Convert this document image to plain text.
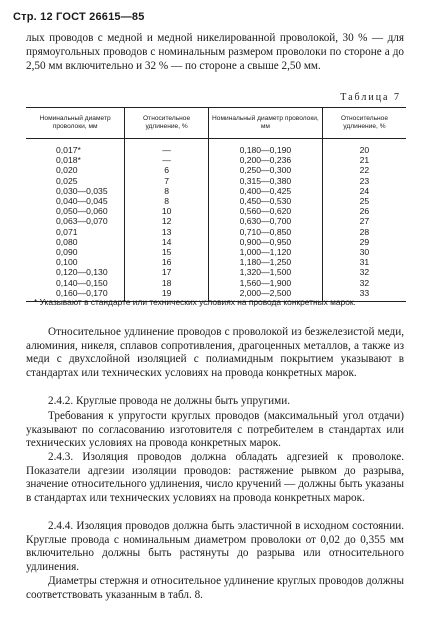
Стр. 12 ГОСТ 26615—85
лых проводов с медной и медной никелированной проволокой, 30 % — для прямоугольных проводов с номинальным размером проволоки по стороне а до 2,50 мм включительно и 32 % — по стороне а свыше 2,50 мм.
Таблица 7
Номинальный диаметр проволоки, мм	Относительное удлинение, %	Номинальный диаметр проволоки, мм	Относительное удлинение, %
0,017*	—	0,180—0,190	20
0,018*	—	0,200—0,236	21
0,020	6	0,250—0,300	22
0,025	7	0,315—0,380	23
0,030—0,035	8	0,400—0,425	24
0,040—0,045	8	0,450—0,530	25
0,050—0,060	10	0,560—0,620	26
0,063—0,070	12	0,630—0,700	27
0,071	13	0,710—0,850	28
0,080	14	0,900—0,950	29
0,090	15	1,000—1,120	30
0,100	16	1,180—1,250	31
0,120—0,130	17	1,320—1,500	32
0,140—0,150	18	1,560—1,900	32
0,160—0,170	19	2,000—2,500	33
* Указывают в стандарте или технических условиях на провода конкретных марок.
Относительное удлинение проводов с проволокой из безжелезистой меди, алюминия, никеля, сплавов сопротивления, драгоценных металлов, а также из меди с двухслойной изоляцией с полиамидным покрытием указывают в стандартах или технических условиях на провода конкретных марок.
2.4.2. Круглые провода не должны быть упругими.
Требования к упругости круглых проводов (максимальный угол отдачи) указывают по согласованию изготовителя с потребителем в стандартах или технических условиях на провода конкретных марок.
2.4.3. Изоляция проводов должна обладать адгезией к проволоке. Показатели адгезии изоляции проводов: растяжение рывком до разрыва, значение относительного удлинения, число кручений — должны быть указаны в стандартах или технических условиях на провода конкретных марок.
2.4.4. Изоляция проводов должна быть эластичной в исходном состоянии. Круглые провода с номинальным диаметром проволоки от 0,02 до 0,355 мм включительно должны быть растянуты до разрыва или относительного удлинения.
Диаметры стержня и относительное удлинение круглых проводов должны соответствовать указанным в табл. 8.
